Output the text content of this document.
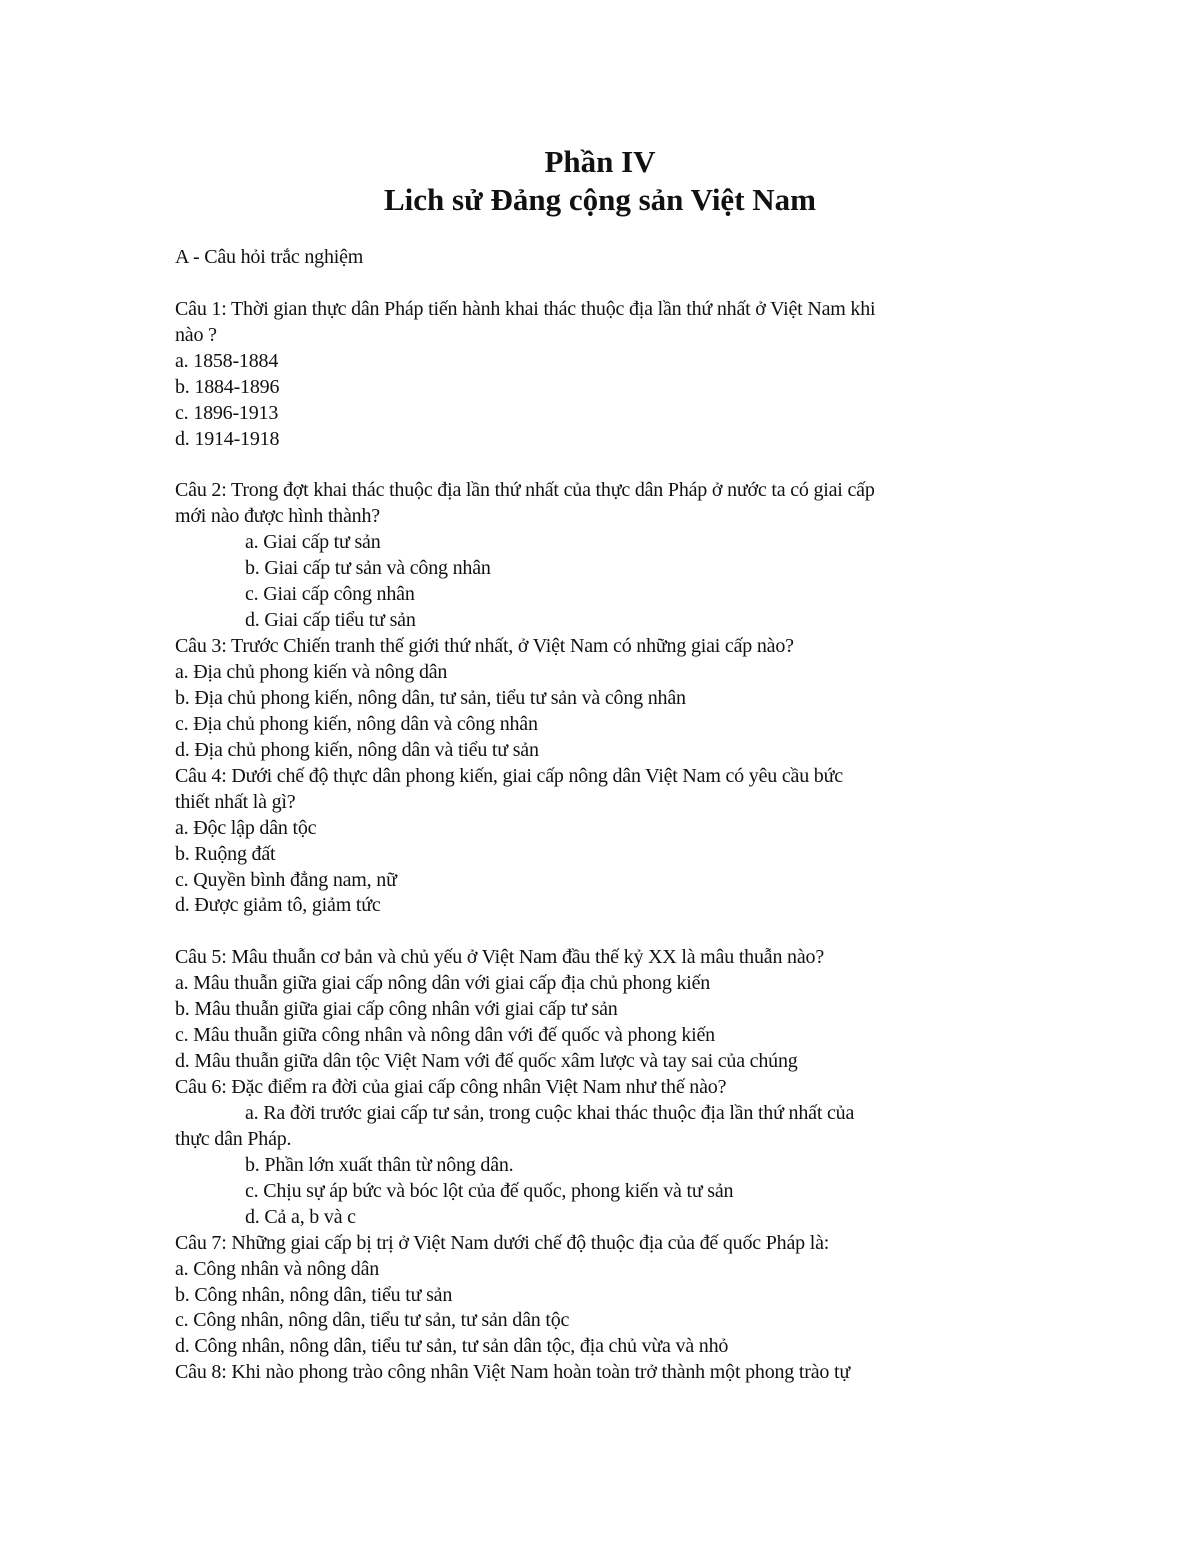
Phần IV
Lich sử Đảng cộng sản Việt Nam
A - Câu hỏi trắc nghiệm
Câu 1: Thời gian thực dân Pháp tiến hành khai thác thuộc địa lần thứ nhất ở Việt Nam khi
nào ?
a. 1858-1884
b. 1884-1896
c. 1896-1913
d. 1914-1918
Câu 2: Trong đợt khai thác thuộc địa lần thứ nhất của thực dân Pháp ở nước ta có giai cấp
mới nào được hình thành?
a. Giai cấp tư sản
b. Giai cấp tư sản và công nhân
c. Giai cấp công nhân
d. Giai cấp tiểu tư sản
Câu 3: Trước Chiến tranh thế giới thứ nhất, ở Việt Nam có những giai cấp nào?
a. Địa chủ phong kiến và nông dân
b. Địa chủ phong kiến, nông dân, tư sản, tiểu tư sản và công nhân
c. Địa chủ phong kiến, nông dân và công nhân
d. Địa chủ phong kiến, nông dân và tiểu tư sản
Câu 4: Dưới chế độ thực dân phong kiến, giai cấp nông dân Việt Nam có yêu cầu bức
thiết nhất là gì?
a. Độc lập dân tộc
b. Ruộng đất
c. Quyền bình đẳng nam, nữ
d. Được giảm tô, giảm tức
Câu 5: Mâu thuẫn cơ bản và chủ yếu ở Việt Nam đầu thế kỷ XX là mâu thuẫn nào?
a. Mâu thuẫn giữa giai cấp nông dân với giai cấp địa chủ phong kiến
b. Mâu thuẫn giữa giai cấp công nhân với giai cấp tư sản
c. Mâu thuẫn giữa công nhân và nông dân với đế quốc và phong kiến
d. Mâu thuẫn giữa dân tộc Việt Nam với đế quốc xâm lược và tay sai của chúng
Câu 6: Đặc điểm ra đời của giai cấp công nhân Việt Nam như thế nào?
a. Ra đời trước giai cấp tư sản, trong cuộc khai thác thuộc địa lần thứ nhất của
thực dân Pháp.
b. Phần lớn xuất thân từ nông dân.
c. Chịu sự áp bức và bóc lột của đế quốc, phong kiến và tư sản
d. Cả a, b và c
Câu 7: Những giai cấp bị trị ở Việt Nam dưới chế độ thuộc địa của đế quốc Pháp là:
a. Công nhân và nông dân
b. Công nhân, nông dân, tiểu tư sản
c. Công nhân, nông dân, tiểu tư sản, tư sản dân tộc
d. Công nhân, nông dân, tiểu tư sản, tư sản dân tộc, địa chủ vừa và nhỏ
Câu 8: Khi nào phong trào công nhân Việt Nam hoàn toàn trở thành một phong trào tự
